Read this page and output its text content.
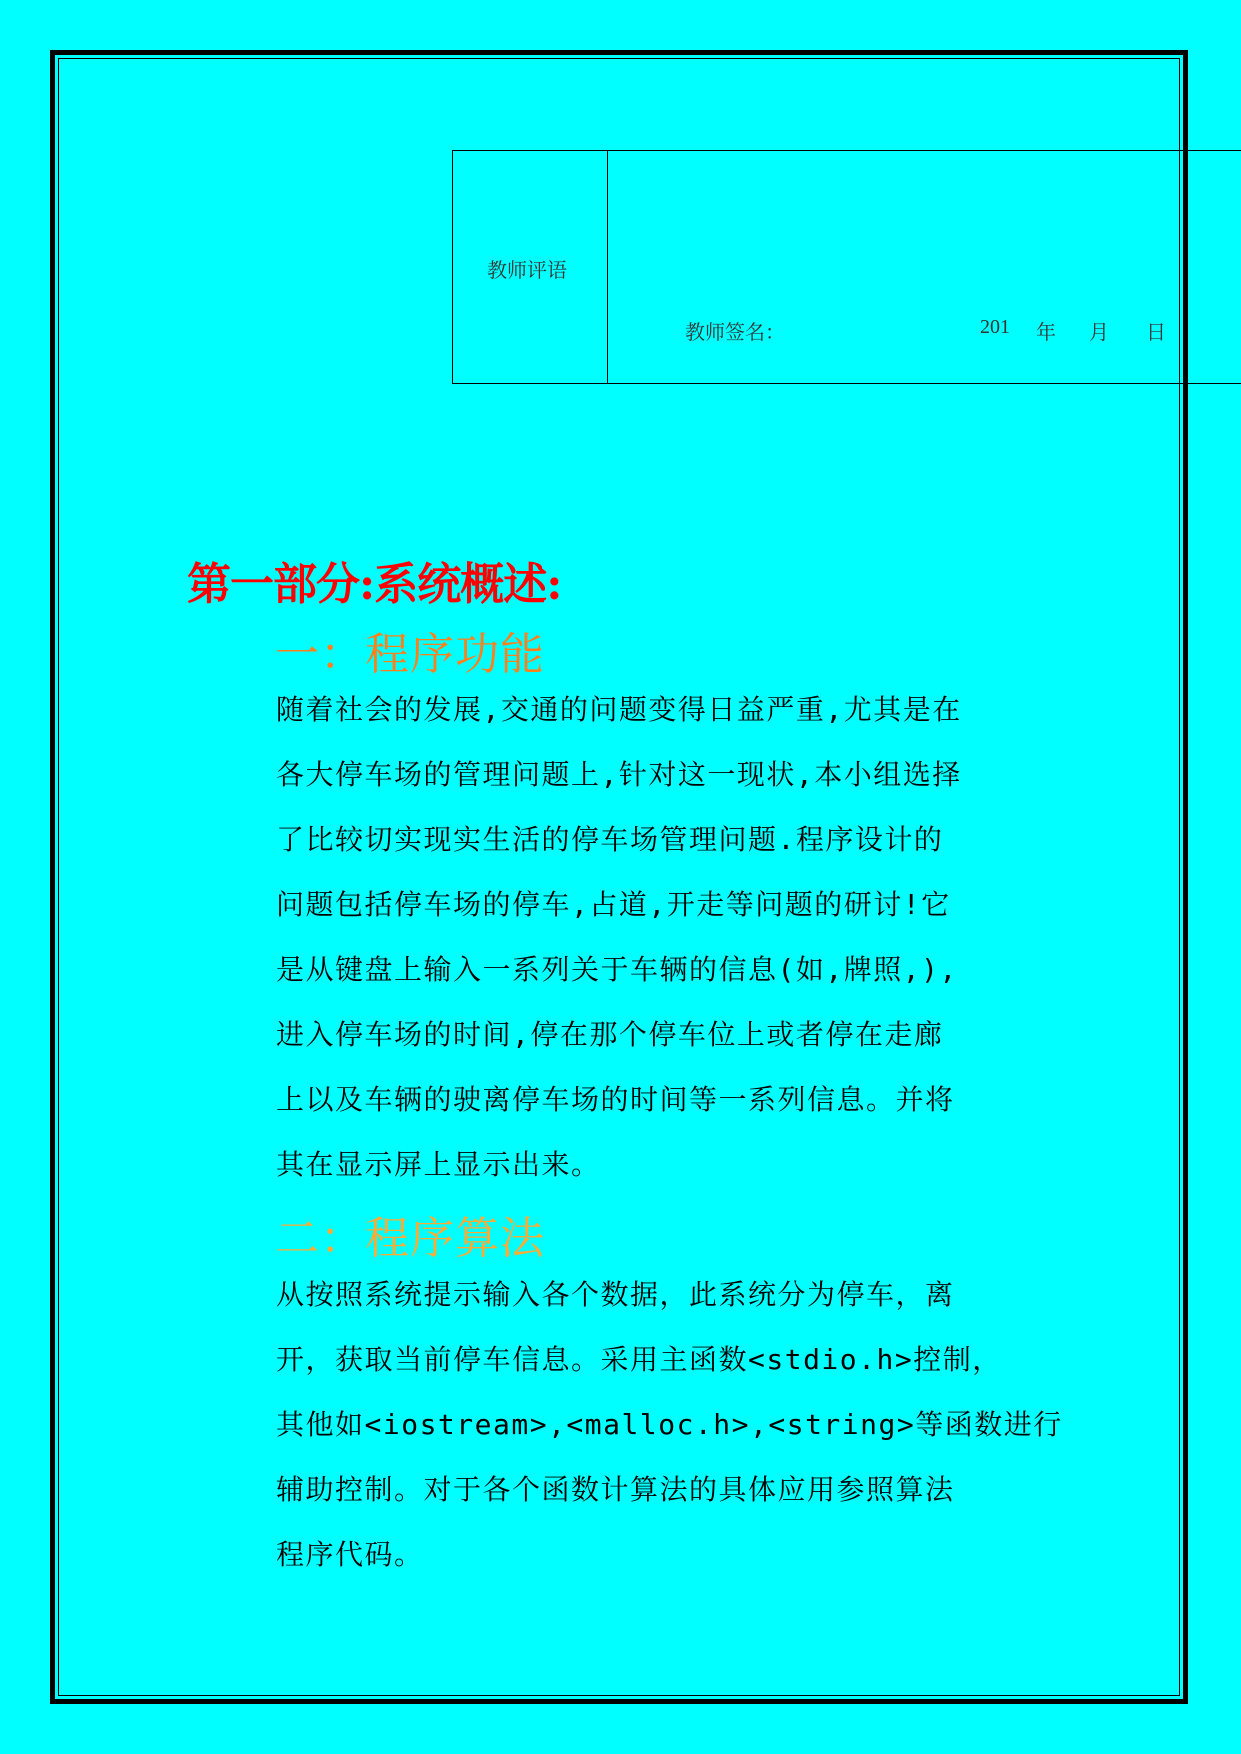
教师评语
教师签名：	201 年 月 日
第一部分:系统概述:
一：程序功能
随着社会的发展,交通的问题变得日益严重,尤其是在
各大停车场的管理问题上,针对这一现状,本小组选择
了比较切实现实生活的停车场管理问题.程序设计的
问题包括停车场的停车,占道,开走等问题的研讨!它
是从键盘上输入一系列关于车辆的信息(如,牌照,),
进入停车场的时间,停在那个停车位上或者停在走廊
上以及车辆的驶离停车场的时间等一系列信息。并将
其在显示屏上显示出来。
二：程序算法
从按照系统提示输入各个数据，此系统分为停车，离
开，获取当前停车信息。采用主函数<stdio.h>控制，
其他如<iostream>,<malloc.h>,<string>等函数进行
辅助控制。对于各个函数计算法的具体应用参照算法
程序代码。
